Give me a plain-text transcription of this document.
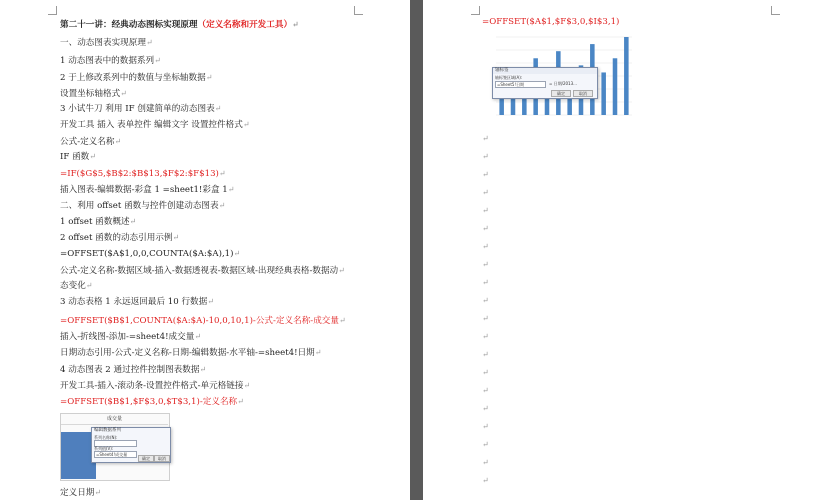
第二十一讲：经典动态图标实现原理（定义名称和开发工具）↵
一、动态图表实现原理↵
1 动态图表中的数据系列↵
2 于上修改系列中的数值与坐标轴数据↵
设置坐标轴格式↵
3 小试牛刀 利用 IF 创建简单的动态图表↵
开发工具 插入 表单控件 编辑文字 设置控件格式↵
公式-定义名称↵
IF 函数↵
=IF($G$5,$B$2:$B$13,$F$2:$F$13)↵
插入图表-编辑数据-彩盒 1 =sheet1!彩盒 1↵
二、利用 offset 函数与控件创建动态图表↵
1 offset 函数概述↵
2 offset 函数的动态引用示例↵
=OFFSET($A$1,0,0,COUNTA($A:$A),1)↵
公式-定义名称-数据区域-插入-数据透视表-数据区域-出现经典表格-数据动↵
态变化↵
3 动态表格 1 永远返回最后 10 行数据↵
=OFFSET($B$1,COUNTA($A:$A)-10,0,10,1)-公式-定义名称-成交量↵
插入-折线图-添加-=sheet4!成交量↵
日期动态引用-公式-定义名称-日期-编辑数据-水平轴-=sheet4!日期↵
4 动态图表 2 通过控件控制图表数据↵
开发工具-插入-滚动条-设置控件格式-单元格链接↵
=OFFSET($B$1,$F$3,0,$T$3,1)-定义名称↵
定义日期↵
成交量
编辑数据系列
系列名称(N):
系列值(V):
=Sheet4!成交量
确定	取消
=OFFSET($A$1,$F$3,0,$I$3,1)
轴标签
轴标签区域(A):
=Sheet5!日期	= 日期/2013...
确定	取消
↵
↵
↵
↵
↵
↵
↵
↵
↵
↵
↵
↵
↵
↵
↵
↵
↵
↵
↵
↵
